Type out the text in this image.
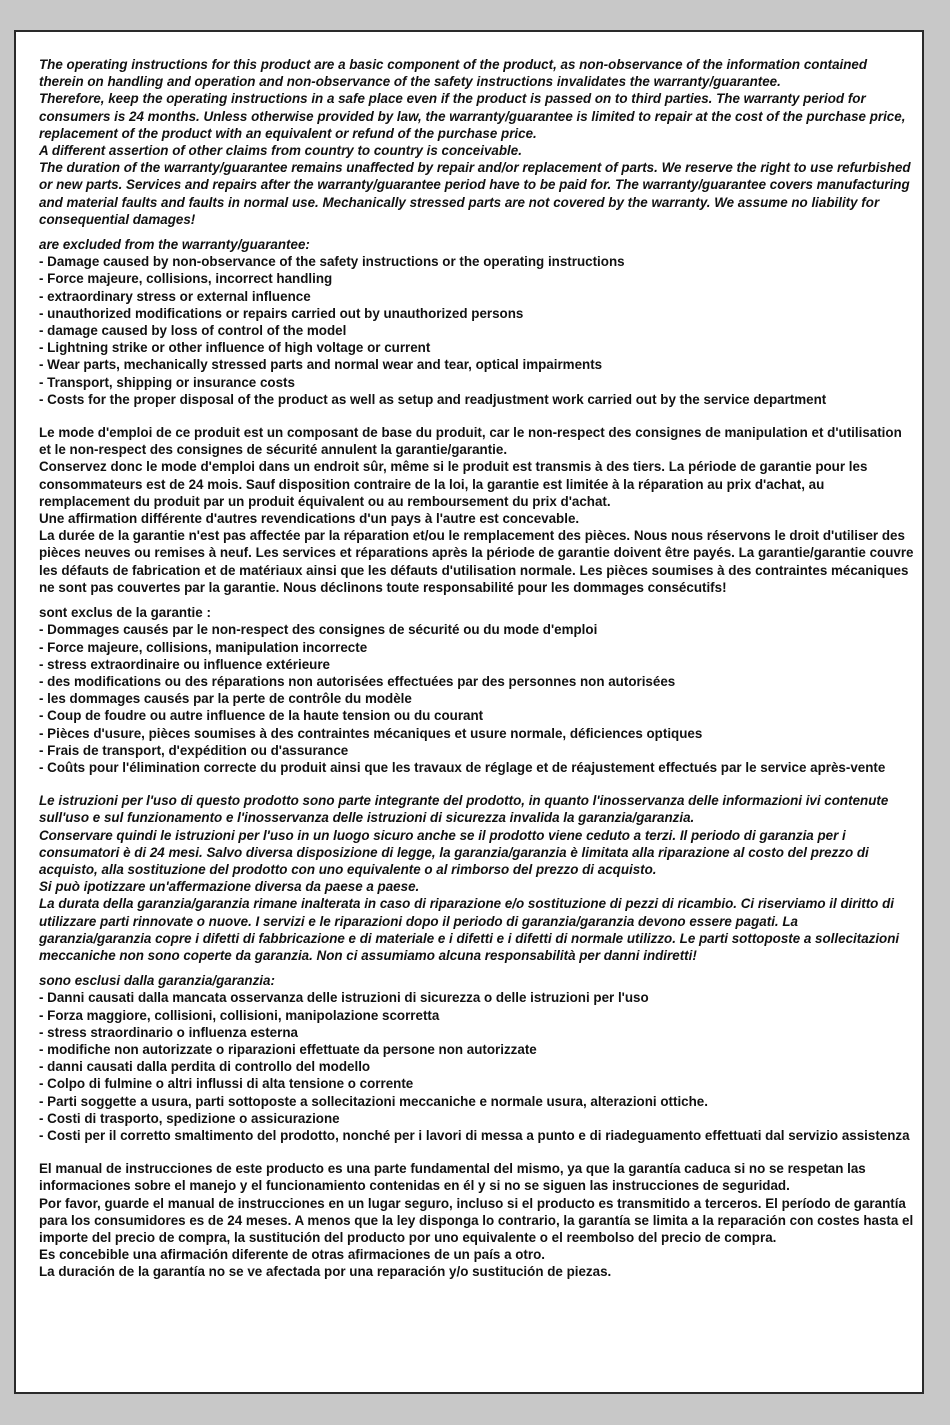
The operating instructions for this product are a basic component of the product, as non-observance of the information contained therein on handling and operation and non-observance of the safety instructions invalidates the warranty/guarantee.
Therefore, keep the operating instructions in a safe place even if the product is passed on to third parties. The warranty period for consumers is 24 months. Unless otherwise provided by law, the warranty/guarantee is limited to repair at the cost of the purchase price, replacement of the product with an equivalent or refund of the purchase price.
A different assertion of other claims from country to country is conceivable.
The duration of the warranty/guarantee remains unaffected by repair and/or replacement of parts. We reserve the right to use refurbished or new parts. Services and repairs after the warranty/guarantee period have to be paid for. The warranty/guarantee covers manufacturing and material faults and faults in normal use. Mechanically stressed parts are not covered by the warranty. We assume no liability for consequential damages!
are excluded from the warranty/guarantee:
- Damage caused by non-observance of the safety instructions or the operating instructions
- Force majeure, collisions, incorrect handling
- extraordinary stress or external influence
- unauthorized modifications or repairs carried out by unauthorized persons
- damage caused by loss of control of the model
- Lightning strike or other influence of high voltage or current
- Wear parts, mechanically stressed parts and normal wear and tear, optical impairments
- Transport, shipping or insurance costs
- Costs for the proper disposal of the product as well as setup and readjustment work carried out by the service department
Le mode d'emploi de ce produit est un composant de base du produit, car le non-respect des consignes de manipulation et d'utilisation et le non-respect des consignes de sécurité annulent la garantie/garantie.
Conservez donc le mode d'emploi dans un endroit sûr, même si le produit est transmis à des tiers. La période de garantie pour les consommateurs est de 24 mois. Sauf disposition contraire de la loi, la garantie est limitée à la réparation au prix d'achat, au remplacement du produit par un produit équivalent ou au remboursement du prix d'achat.
Une affirmation différente d'autres revendications d'un pays à l'autre est concevable.
La durée de la garantie n'est pas affectée par la réparation et/ou le remplacement des pièces. Nous nous réservons le droit d'utiliser des pièces neuves ou remises à neuf. Les services et réparations après la période de garantie doivent être payés. La garantie/garantie couvre les défauts de fabrication et de matériaux ainsi que les défauts d'utilisation normale. Les pièces soumises à des contraintes mécaniques ne sont pas couvertes par la garantie. Nous déclinons toute responsabilité pour les dommages consécutifs!
sont exclus de la garantie :
- Dommages causés par le non-respect des consignes de sécurité ou du mode d'emploi
- Force majeure, collisions, manipulation incorrecte
- stress extraordinaire ou influence extérieure
- des modifications ou des réparations non autorisées effectuées par des personnes non autorisées
- les dommages causés par la perte de contrôle du modèle
- Coup de foudre ou autre influence de la haute tension ou du courant
- Pièces d'usure, pièces soumises à des contraintes mécaniques et usure normale, déficiences optiques
- Frais de transport, d'expédition ou d'assurance
- Coûts pour l'élimination correcte du produit ainsi que les travaux de réglage et de réajustement effectués par le service après-vente
Le istruzioni per l'uso di questo prodotto sono parte integrante del prodotto, in quanto l'inosservanza delle informazioni ivi contenute sull'uso e sul funzionamento e l'inosservanza delle istruzioni di sicurezza invalida la garanzia/garanzia.
Conservare quindi le istruzioni per l'uso in un luogo sicuro anche se il prodotto viene ceduto a terzi. Il periodo di garanzia per i consumatori è di 24 mesi. Salvo diversa disposizione di legge, la garanzia/garanzia è limitata alla riparazione al costo del prezzo di acquisto, alla sostituzione del prodotto con uno equivalente o al rimborso del prezzo di acquisto.
Si può ipotizzare un'affermazione diversa da paese a paese.
La durata della garanzia/garanzia rimane inalterata in caso di riparazione e/o sostituzione di pezzi di ricambio. Ci riserviamo il diritto di utilizzare parti rinnovate o nuove. I servizi e le riparazioni dopo il periodo di garanzia/garanzia devono essere pagati. La garanzia/garanzia copre i difetti di fabbricazione e di materiale e i difetti e i difetti di normale utilizzo. Le parti sottoposte a sollecitazioni meccaniche non sono coperte da garanzia. Non ci assumiamo alcuna responsabilità per danni indiretti!
sono esclusi dalla garanzia/garanzia:
- Danni causati dalla mancata osservanza delle istruzioni di sicurezza o delle istruzioni per l'uso
- Forza maggiore, collisioni, collisioni, manipolazione scorretta
- stress straordinario o influenza esterna
- modifiche non autorizzate o riparazioni effettuate da persone non autorizzate
- danni causati dalla perdita di controllo del modello
- Colpo di fulmine o altri influssi di alta tensione o corrente
- Parti soggette a usura, parti sottoposte a sollecitazioni meccaniche e normale usura, alterazioni ottiche.
- Costi di trasporto, spedizione o assicurazione
- Costi per il corretto smaltimento del prodotto, nonché per i lavori di messa a punto e di riadeguamento effettuati dal servizio assistenza
El manual de instrucciones de este producto es una parte fundamental del mismo, ya que la garantía caduca si no se respetan las informaciones sobre el manejo y el funcionamiento contenidas en él y si no se siguen las instrucciones de seguridad.
Por favor, guarde el manual de instrucciones en un lugar seguro, incluso si el producto es transmitido a terceros. El período de garantía para los consumidores es de 24 meses. A menos que la ley disponga lo contrario, la garantía se limita a la reparación con costes hasta el importe del precio de compra, la sustitución del producto por uno equivalente o el reembolso del precio de compra.
Es concebible una afirmación diferente de otras afirmaciones de un país a otro.
La duración de la garantía no se ve afectada por una reparación y/o sustitución de piezas.
